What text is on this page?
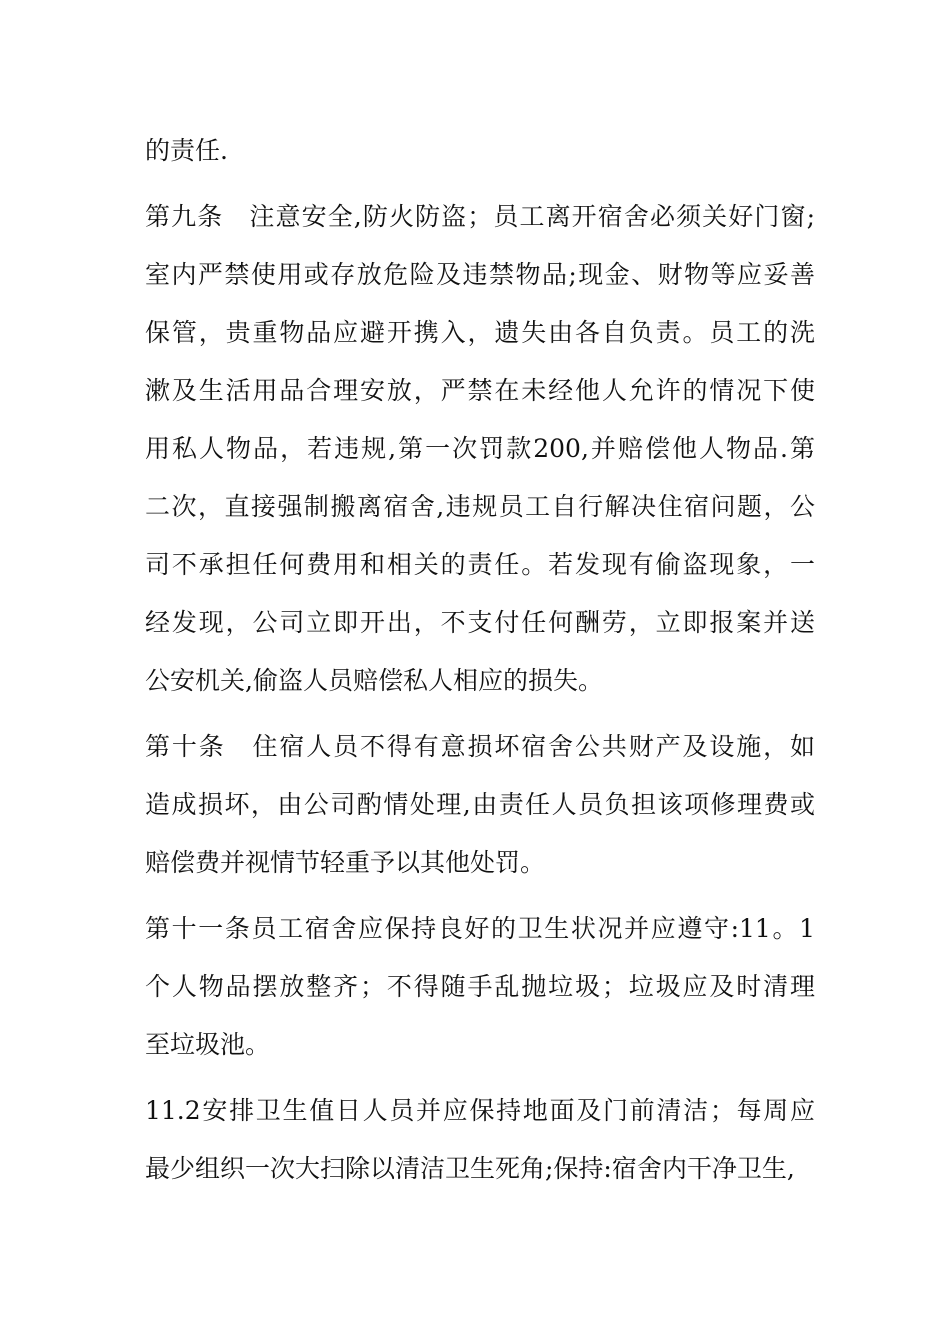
的责任.
第九条　注意安全,防火防盗；员工离开宿舍必须关好门窗;
室内严禁使用或存放危险及违禁物品;现金、财物等应妥善
保管，贵重物品应避开携入，遗失由各自负责。员工的洗
漱及生活用品合理安放，严禁在未经他人允许的情况下使
用私人物品，若违规,第一次罚款200,并赔偿他人物品.第
二次，直接强制搬离宿舍,违规员工自行解决住宿问题，公
司不承担任何费用和相关的责任。若发现有偷盗现象，一
经发现，公司立即开出，不支付任何酬劳，立即报案并送
公安机关,偷盗人员赔偿私人相应的损失。
第十条　住宿人员不得有意损坏宿舍公共财产及设施，如
造成损坏，由公司酌情处理,由责任人员负担该项修理费或
赔偿费并视情节轻重予以其他处罚。
第十一条员工宿舍应保持良好的卫生状况并应遵守:11。1
个人物品摆放整齐；不得随手乱抛垃圾；垃圾应及时清理
至垃圾池。
11.2安排卫生值日人员并应保持地面及门前清洁；每周应
最少组织一次大扫除以清洁卫生死角;保持:宿舍内干净卫生,
